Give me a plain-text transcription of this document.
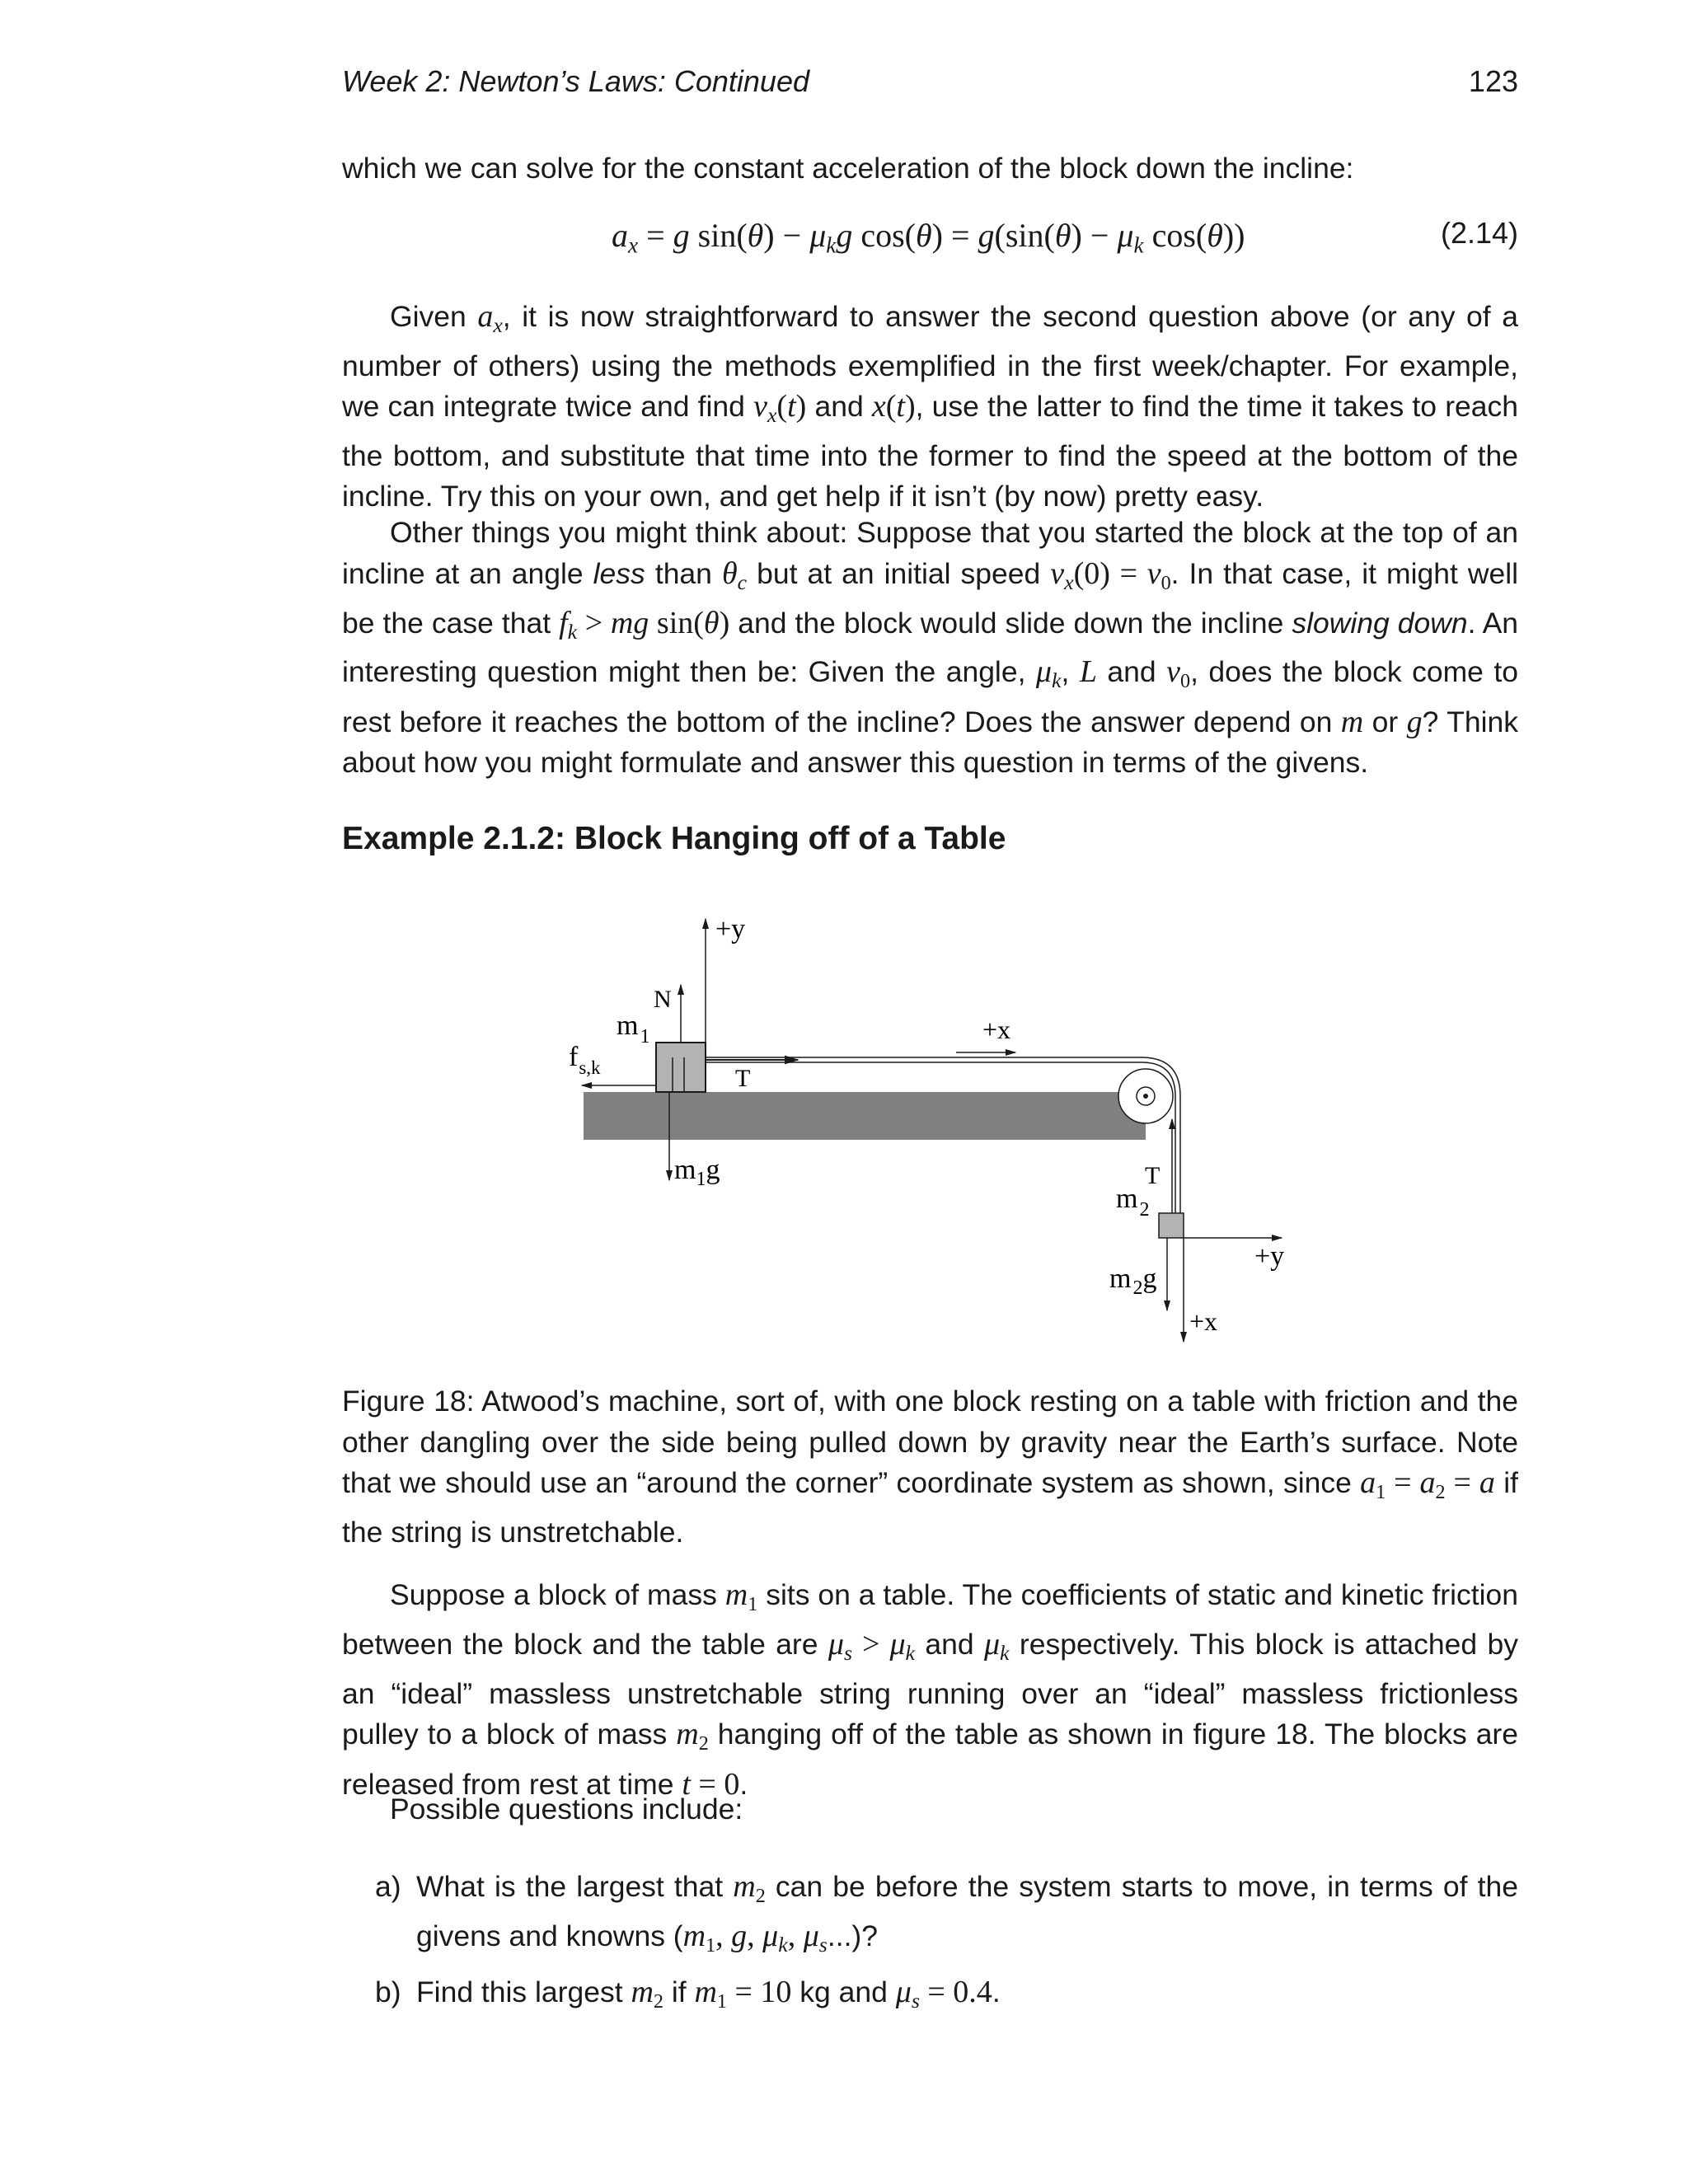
Week 2: Newton’s Laws: Continued	123

which we can solve for the constant acceleration of the block down the incline:

$a_x = g$ $\sin(\theta) - \mu_kg$ $\cos(\theta) = g(\sin(\theta) - \mu_k$ cos(θ))	(2.14)

Given $a_x$, it is now straightforward to answer the second question above (or any of a number of others) using the methods exemplified in the first week/chapter. For example, we can integrate twice and find $v_x(t)$ and x(t), use the latter to find the time it takes to reach the bottom, and substitute that time into the former to find the speed at the bottom of the incline. Try this on your own, and get help if it isn’t (by now) pretty easy.

Other things you might think about: Suppose that you started the block at the top of an incline at an angle less than $\theta_c$ but at an initial speed $v_x(0) = v_0$. In that case, it might well be the case that $f_k$ > mg sin(θ) and the block would slide down the incline slowing down. An interesting question might then be: Given the angle, $\mu_k$, L and $v_0$, does the block come to rest before it reaches the bottom of the incline? Does the answer depend on m or g? Think about how you might formulate and answer this question in terms of the givens.

Example 2.1.2: Block Hanging off of a Table
+y
N
$m_1$
$f_{s,k}$	T
+x
$m_1g$	T
$m_2$
+y
$m_2g$
+x

Figure 18: Atwood’s machine, sort of, with one block resting on a table with friction and the other dangling over the side being pulled down by gravity near the Earth’s surface. Note that we should use an “around the corner” coordinate system as shown, since $a_1 = a_2 = a$ if the string is unstretchable.

Suppose a block of mass $m_1$ sits on a table. The coefficients of static and kinetic friction between the block and the table are $\mu_s > \mu_k$ and $\mu_k$ respectively. This block is attached by an “ideal” massless unstretchable string running over an “ideal” massless frictionless pulley to a block of mass $m_2$ hanging off of the table as shown in figure 18. The blocks are released from rest at time t = 0.

Possible questions include:

a) What is the largest that $m_2$ can be before the system starts to move, in terms of the givens and knowns ($m_1$, g, $\mu_k$, $\mu_s$...)?
b) Find this largest $m_2$ if $m_1 = 10$ kg and $\mu_s = 0.4$.
